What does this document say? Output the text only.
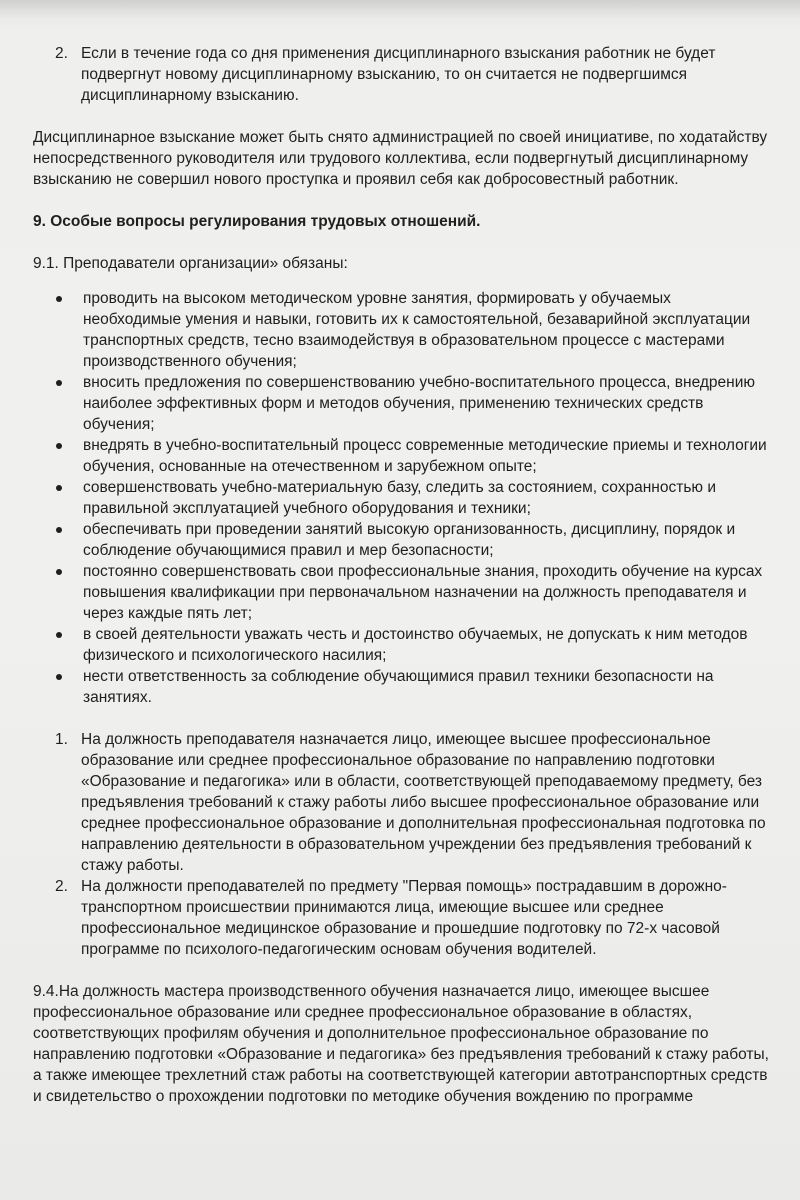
2. Если в течение года со дня применения дисциплинарного взыскания работник не будет подвергнут новому дисциплинарному взысканию, то он считается не подвергшимся дисциплинарному взысканию.

Дисциплинарное взыскание может быть снято администрацией по своей инициативе, по ходатайству непосредственного руководителя или трудового коллектива, если подвергнутый дисциплинарному взысканию не совершил нового проступка и проявил себя как добросовестный работник.

9. Особые вопросы регулирования трудовых отношений.

9.1. Преподаватели организации» обязаны:

проводить на высоком методическом уровне занятия, формировать у обучаемых необходимые умения и навыки, готовить их к самостоятельной, безаварийной эксплуатации транспортных средств, тесно взаимодействуя в образовательном процессе с мастерами производственного обучения;

вносить предложения по совершенствованию учебно-воспитательного процесса, внедрению наиболее эффективных форм и методов обучения, применению технических средств обучения;

внедрять в учебно-воспитательный процесс современные методические приемы и технологии обучения, основанные на отечественном и зарубежном опыте;

совершенствовать учебно-материальную базу, следить за состоянием, сохранностью и правильной эксплуатацией учебного оборудования и техники;

обеспечивать при проведении занятий высокую организованность, дисциплину, порядок и соблюдение обучающимися правил и мер безопасности;

постоянно совершенствовать свои профессиональные знания, проходить обучение на курсах повышения квалификации при первоначальном назначении на должность преподавателя и через каждые пять лет;

в своей деятельности уважать честь и достоинство обучаемых, не допускать к ним методов физического и психологического насилия;

нести ответственность за соблюдение обучающимися правил техники безопасности на занятиях.

1. На должность преподавателя назначается лицо, имеющее высшее профессиональное образование или среднее профессиональное образование по направлению подготовки «Образование и педагогика» или в области, соответствующей преподаваемому предмету, без предъявления требований к стажу работы либо высшее профессиональное образование или среднее профессиональное образование и дополнительная профессиональная подготовка по направлению деятельности в образовательном учреждении без предъявления требований к стажу работы.

2. На должности преподавателей по предмету "Первая помощь» пострадавшим в дорожно-транспортном происшествии принимаются лица, имеющие высшее или среднее профессиональное медицинское образование и прошедшие подготовку по 72-х часовой программе по психолого-педагогическим основам обучения водителей.

9.4.На должность мастера производственного обучения назначается лицо, имеющее высшее профессиональное образование или среднее профессиональное образование в областях, соответствующих профилям обучения и дополнительное профессиональное образование по направлению подготовки «Образование и педагогика» без предъявления требований к стажу работы, а также имеющее трехлетний стаж работы на соответствующей категории автотранспортных средств и свидетельство о прохождении подготовки по методике обучения вождению по программе
